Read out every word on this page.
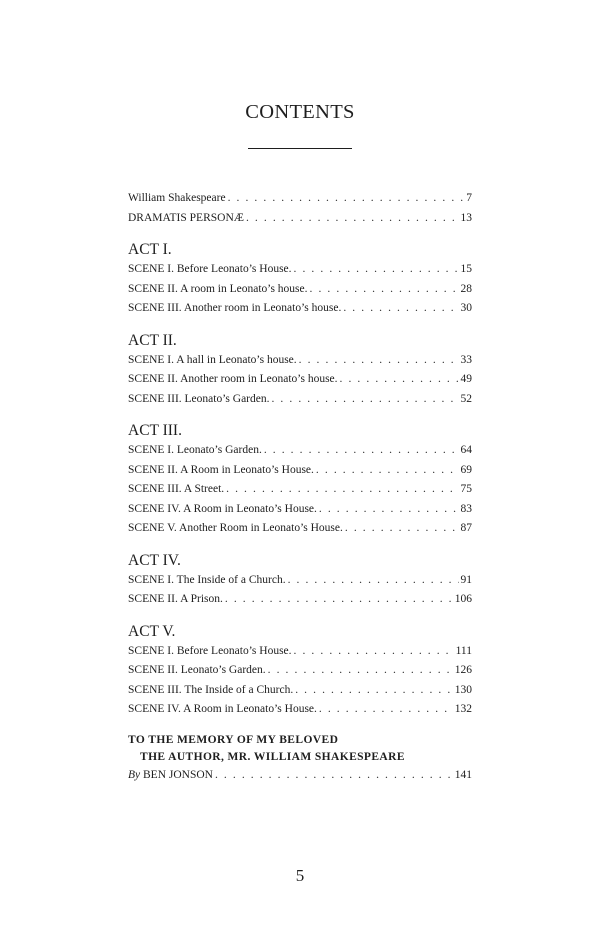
CONTENTS
William Shakespeare . . .	7
DRAMATIS PERSONÆ . . .	13
ACT I.
SCENE I. Before Leonato’s House. . . .	15
SCENE II. A room in Leonato’s house. . . .	28
SCENE III. Another room in Leonato’s house. . . .	30
ACT II.
SCENE I. A hall in Leonato’s house. . . .	33
SCENE II. Another room in Leonato’s house. . . .	49
SCENE III. Leonato’s Garden. . . .	52
ACT III.
SCENE I. Leonato’s Garden. . . .	64
SCENE II. A Room in Leonato’s House. . . .	69
SCENE III. A Street. . . .	75
SCENE IV. A Room in Leonato’s House. . . .	83
SCENE V. Another Room in Leonato’s House. . . .	87
ACT IV.
SCENE I. The Inside of a Church. . . .	91
SCENE II. A Prison. . . .	106
ACT V.
SCENE I. Before Leonato’s House. . . .	111
SCENE II. Leonato’s Garden. . . .	126
SCENE III. The Inside of a Church. . . .	130
SCENE IV. A Room in Leonato’s House. . . .	132
TO THE MEMORY OF MY BELOVED
THE AUTHOR, MR. WILLIAM SHAKESPEARE
By BEN JONSON . . .	141
5
